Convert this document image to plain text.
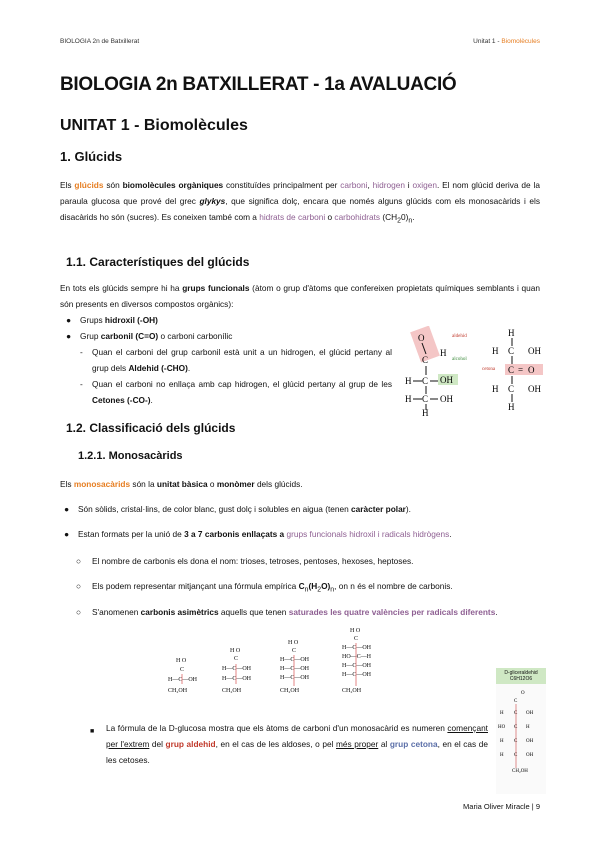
BIOLOGIA 2n de Batxillerat	Unitat 1 - Biomolècules
BIOLOGIA 2n BATXILLERAT - 1a AVALUACIÓ
UNITAT 1 - Biomolècules
1. Glúcids
Els glúcids són biomolècules orgàniques constituïdes principalment per carboni, hidrogen i oxigen. El nom glúcid deriva de la paraula glucosa que prové del grec glykys, que significa dolç, encara que només alguns glúcids com els monosacàrids i els disacàrids ho són (sucres). Es coneixen també com a hidrats de carboni o carbohidrats $(CH_20)_n$.
1.1. Característiques del glúcids
En tots els glúcids sempre hi ha grups funcionals (àtom o grup d'àtoms que confereixen propietats químiques semblants i quan són presents en diversos compostos orgànics):
● Grups hidroxil (-OH)
● Grup carbonil (C=O) o carboni carbonílic
- Quan el carboni del grup carbonil està unit a un hidrogen, el glúcid pertany al grup dels Aldehid (-CHO).
- Quan el carboni no enllaça amb cap hidrogen, el glúcid pertany al grup de les Cetones (-CO-).
O
C
H
H C OH
H C OH
H
H
H C OH
C = O
H C OH
H
aldehid
alcohol
cetona
1.2. Classificació dels glúcids
1.2.1. Monosacàrids
Els monosacàrids són la unitat bàsica o monòmer dels glúcids.
● Són sòlids, cristal·lins, de color blanc, gust dolç i solubles en aigua (tenen caràcter polar).
● Estan formats per la unió de 3 a 7 carbonis enllaçats a grups funcionals hidroxil i radicals hidrògens.
○ El nombre de carbonis els dona el nom: trioses, tetroses, pentoses, hexoses, heptoses.
○ Els podem representar mitjançant una fórmula empírica $C_n(H_2O)_n$, on n és el nombre de carbonis.
○ S'anomenen carbonis asimètrics aquells que tenen saturades les quatre valències per radicals diferents.
H O
C
H—C—OH
CH₂OH
H O
C
H—C—OH
H—C—OH
CH₂OH
H O
C
H—C—OH
H—C—OH
H—C—OH
CH₂OH
H O
C
H—C—OH
HO—C—H
H—C—OH
H—C—OH
CH₂OH
D-gliceraldehid
C6H12O6
O
C
H C OH
HO C H
H C OH
H C OH
CH₂OH
■ La fórmula de la D-glucosa mostra que els àtoms de carboni d'un monosacàrid es numeren començant per l'extrem del grup aldehid, en el cas de les aldoses, o pel més proper al grup cetona, en el cas de les cetoses.
Maria Oliver Miracle | 9
